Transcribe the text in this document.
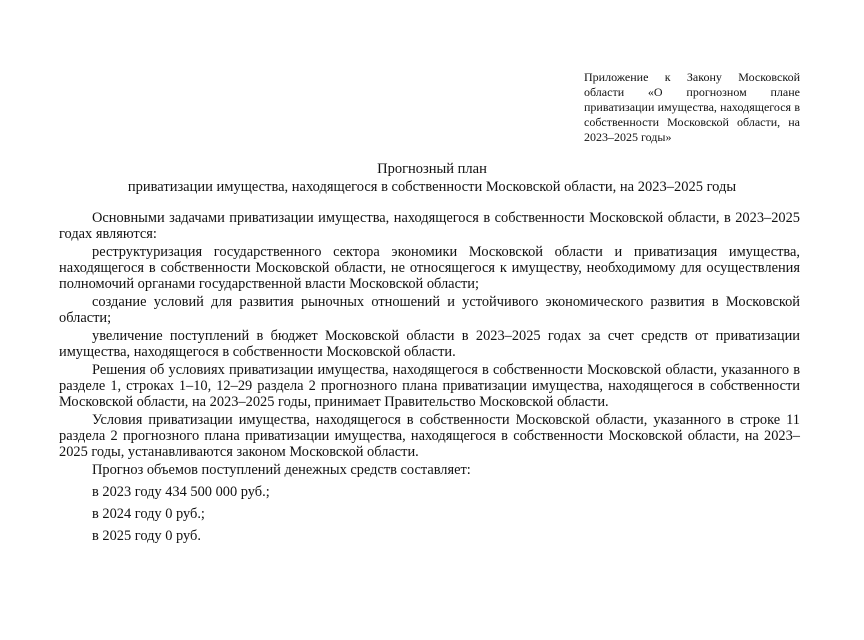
Приложение к Закону Московской области «О прогнозном плане приватизации имущества, находящегося в собственности Московской области, на 2023–2025 годы»
Прогнозный план
приватизации имущества, находящегося в собственности Московской области, на 2023–2025 годы

Основными задачами приватизации имущества, находящегося в собственности Московской области, в 2023–2025 годах являются:

реструктуризация государственного сектора экономики Московской области и приватизация имущества, находящегося в собственности Московской области, не относящегося к имуществу, необходимому для осуществления полномочий органами государственной власти Московской области;

создание условий для развития рыночных отношений и устойчивого экономического развития в Московской области;

увеличение поступлений в бюджет Московской области в 2023–2025 годах за счет средств от приватизации имущества, находящегося в собственности Московской области.

Решения об условиях приватизации имущества, находящегося в собственности Московской области, указанного в разделе 1, строках 1–10, 12–29 раздела 2 прогнозного плана приватизации имущества, находящегося в собственности Московской области, на 2023–2025 годы, принимает Правительство Московской области.

Условия приватизации имущества, находящегося в собственности Московской области, указанного в строке 11 раздела 2 прогнозного плана приватизации имущества, находящегося в собственности Московской области, на 2023–2025 годы, устанавливаются законом Московской области.

Прогноз объемов поступлений денежных средств составляет:

в 2023 году 434 500 000 руб.;

в 2024 году 0 руб.;

в 2025 году 0 руб.
